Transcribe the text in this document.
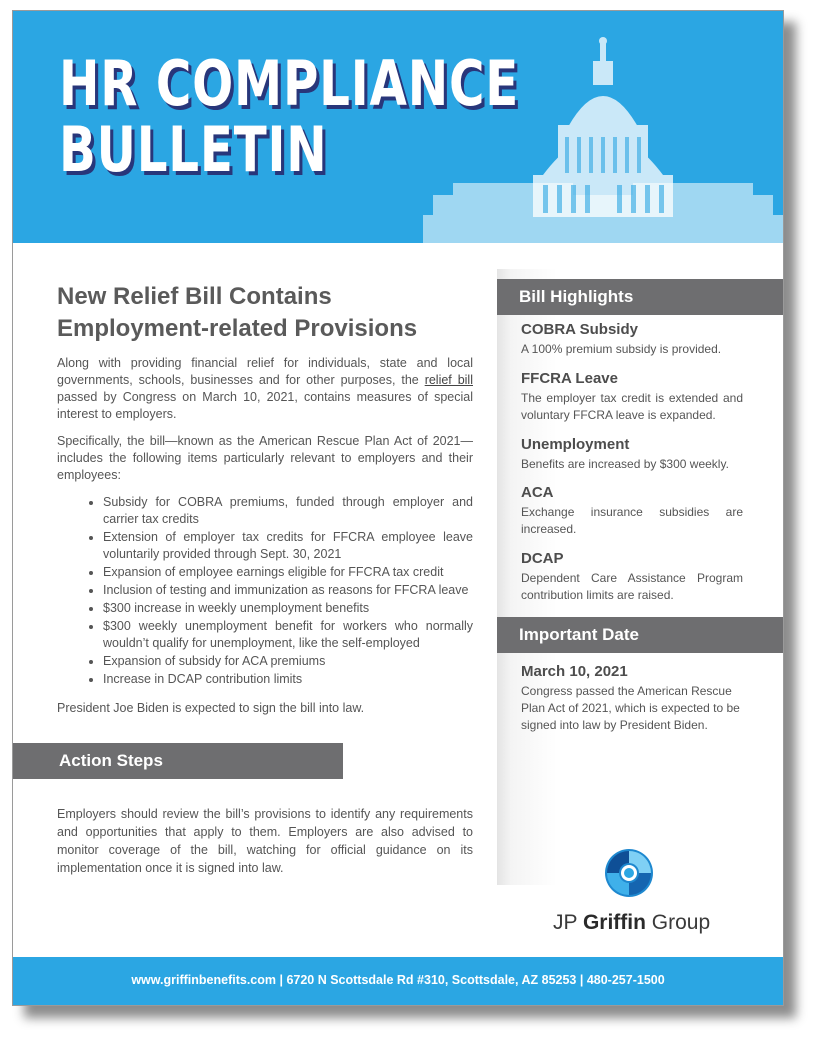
HR COMPLIANCE
BULLETIN
New Relief Bill Contains
Employment-related Provisions

Along with providing financial relief for individuals, state and local governments, schools, businesses and for other purposes, the relief bill passed by Congress on March 10, 2021, contains measures of special interest to employers.

Specifically, the bill—known as the American Rescue Plan Act of 2021—includes the following items particularly relevant to employers and their employees:

• Subsidy for COBRA premiums, funded through employer and carrier tax credits
• Extension of employer tax credits for FFCRA employee leave voluntarily provided through Sept. 30, 2021
• Expansion of employee earnings eligible for FFCRA tax credit
• Inclusion of testing and immunization as reasons for FFCRA leave
• $300 increase in weekly unemployment benefits
• $300 weekly unemployment benefit for workers who normally wouldn’t qualify for unemployment, like the self-employed
• Expansion of subsidy for ACA premiums
• Increase in DCAP contribution limits

President Joe Biden is expected to sign the bill into law.

Action Steps

Employers should review the bill’s provisions to identify any requirements and opportunities that apply to them. Employers are also advised to monitor coverage of the bill, watching for official guidance on its implementation once it is signed into law.

Bill Highlights
COBRA Subsidy

A 100% premium subsidy is provided.

FFCRA Leave

The employer tax credit is extended and voluntary FFCRA leave is expanded.

Unemployment

Benefits are increased by $300 weekly.

ACA

Exchange insurance subsidies are increased.

DCAP

Dependent Care Assistance Program contribution limits are raised.

Important Date
March 10, 2021

Congress passed the American Rescue Plan Act of 2021, which is expected to be signed into law by President Biden.

JP Griffin Group
www.griffinbenefits.com | 6720 N Scottsdale Rd #310, Scottsdale, AZ 85253 | 480-257-1500
